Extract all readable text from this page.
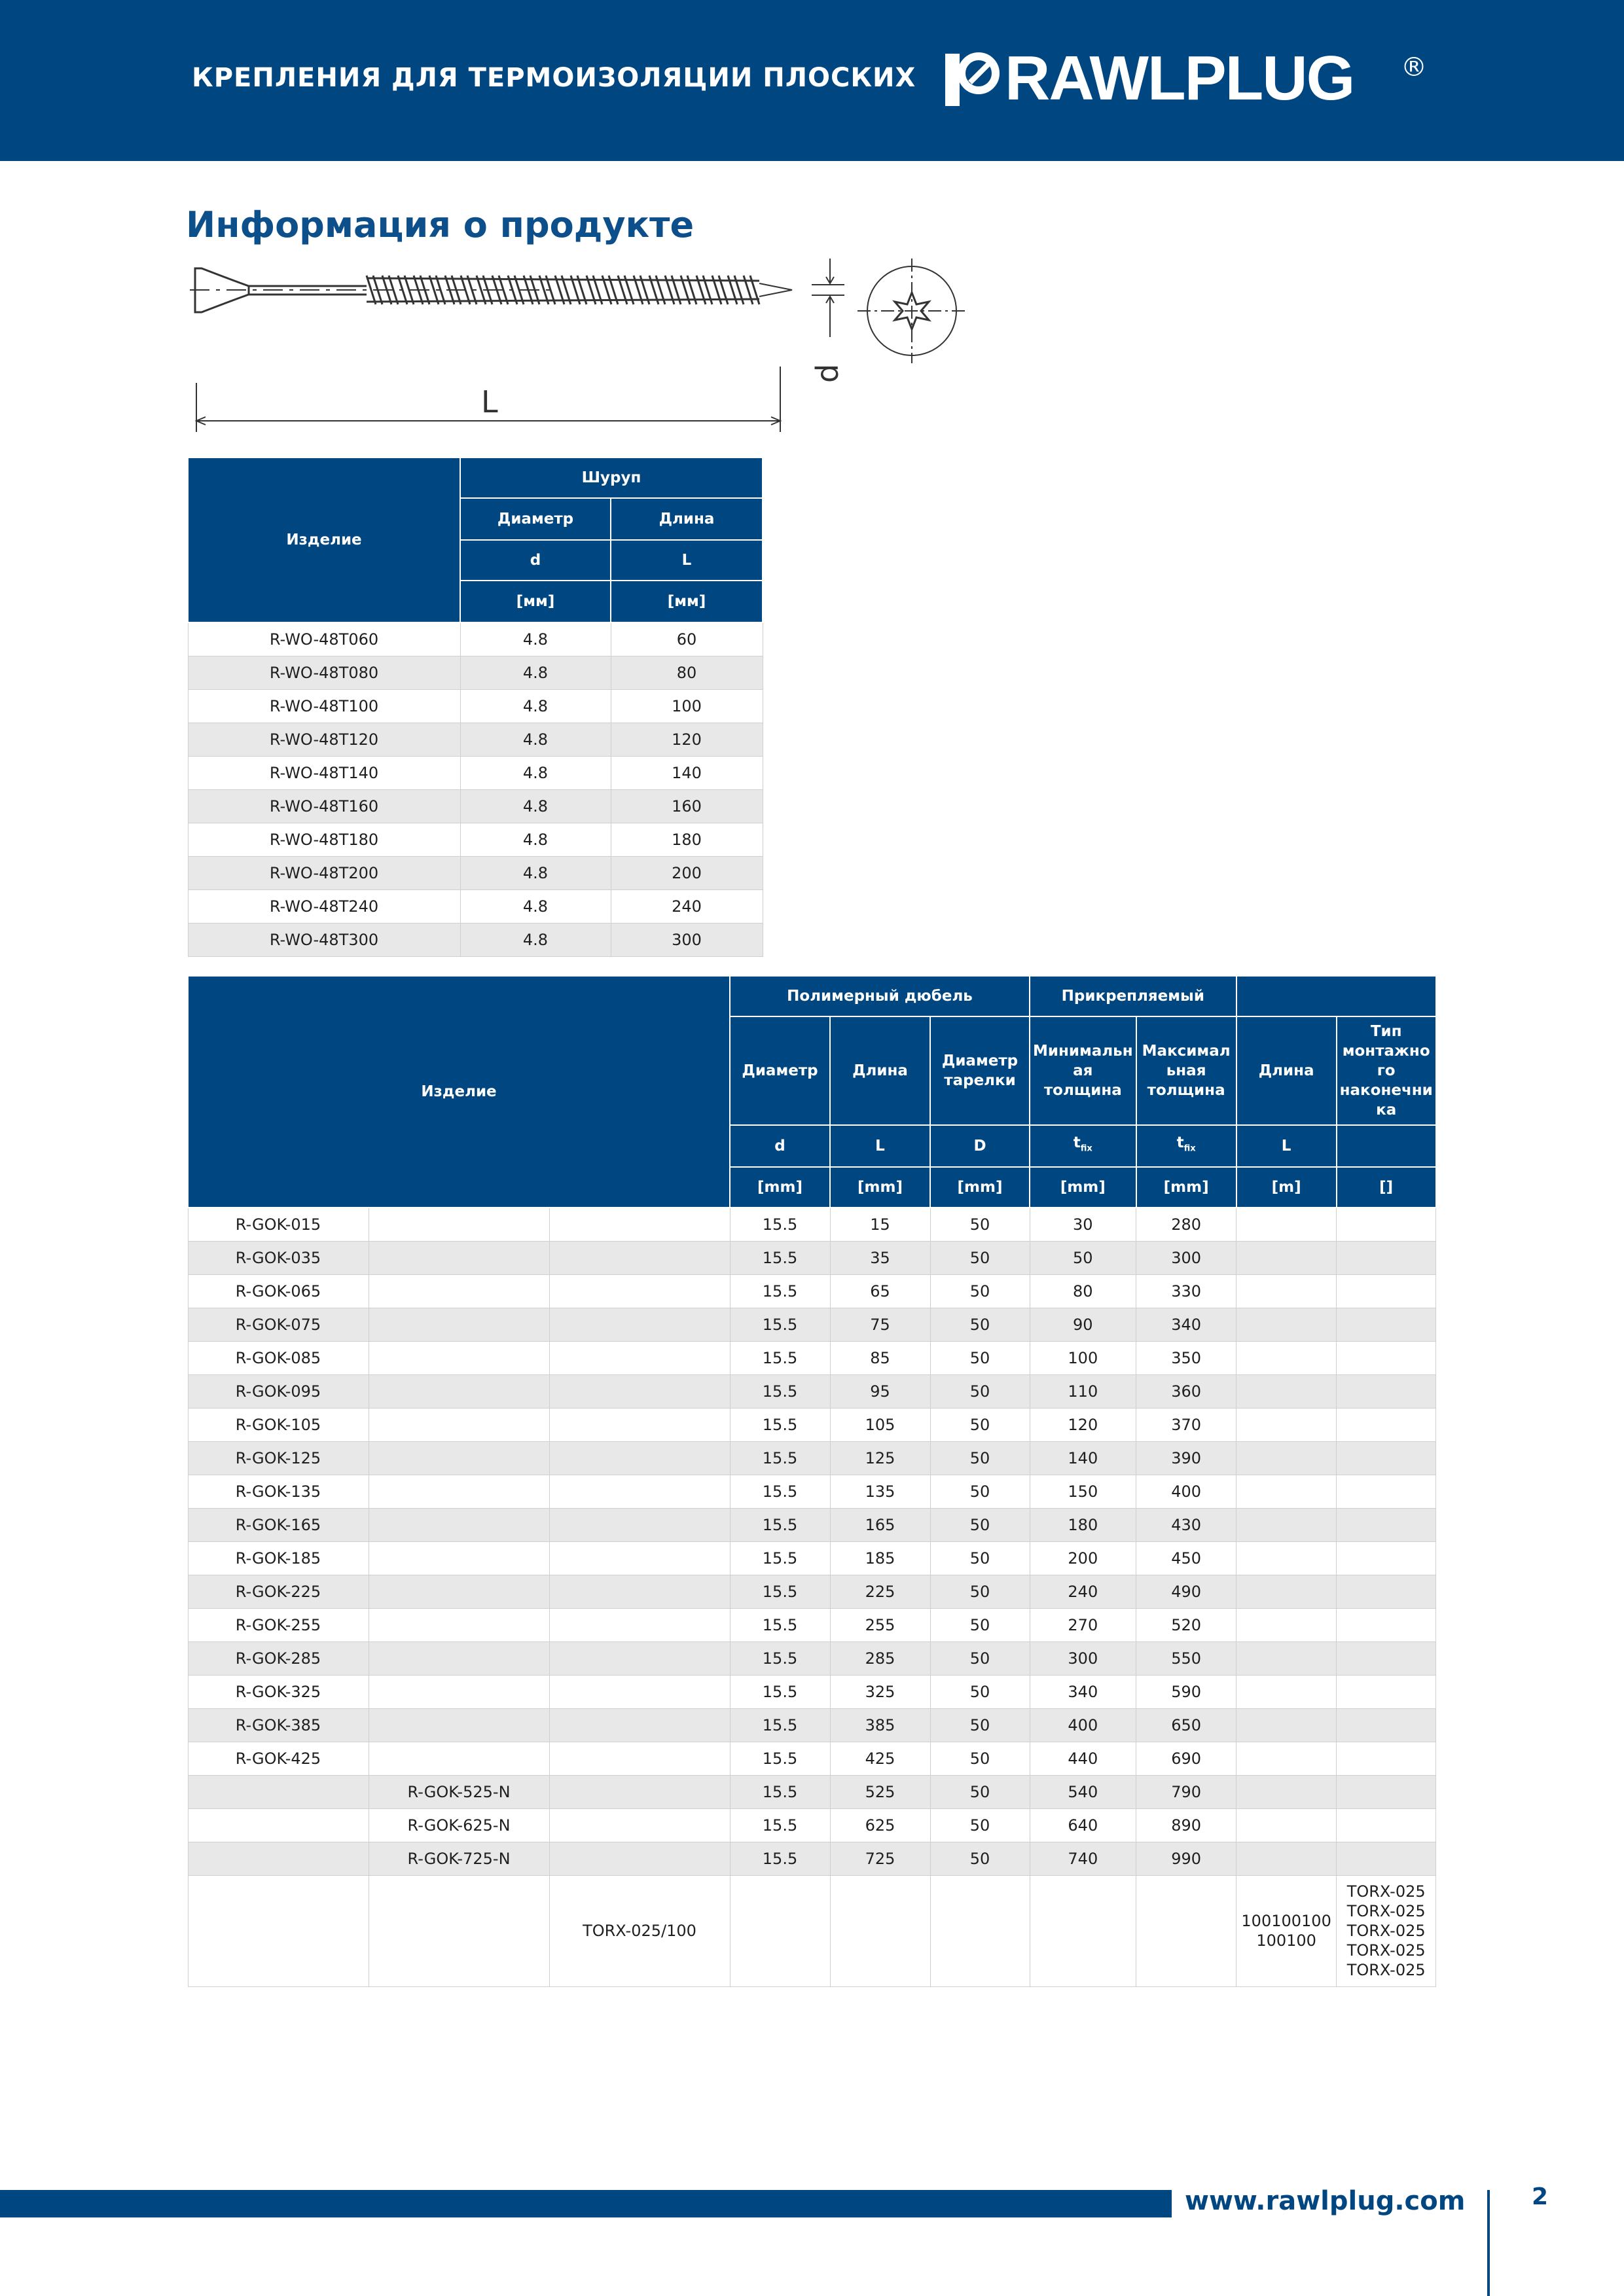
КРЕПЛЕНИЯ ДЛЯ ТЕРМОИЗОЛЯЦИИ ПЛОСКИХ RAWLPLUG ®
Информация о продукте
L
d
Изделие	Шуруп	
	Диаметр	Длина
	d	L
	[мм]	[мм]
R-WO-48T060	4.8	60
R-WO-48T080	4.8	80
R-WO-48T100	4.8	100
R-WO-48T120	4.8	120
R-WO-48T140	4.8	140
R-WO-48T160	4.8	160
R-WO-48T180	4.8	180
R-WO-48T200	4.8	200
R-WO-48T240	4.8	240
R-WO-48T300	4.8	300
Изделие			Полимерный дюбель			Прикрепляемый			
			Диаметр	Длина	Диаметр тарелки	Минимальн ая толщина	Максимал ьная толщина	Длина	Тип монтажно го наконечни ка
			d	L	D	$t_{fix}$	$t_{fix}$	L	
			[mm]	[mm]	[mm]	[mm]	[mm]	[m]	[]
R-GOK-015			15.5	15	50	30	280		
R-GOK-035			15.5	35	50	50	300		
R-GOK-065			15.5	65	50	80	330		
R-GOK-075			15.5	75	50	90	340		
R-GOK-085			15.5	85	50	100	350		
R-GOK-095			15.5	95	50	110	360		
R-GOK-105			15.5	105	50	120	370		
R-GOK-125			15.5	125	50	140	390		
R-GOK-135			15.5	135	50	150	400		
R-GOK-165			15.5	165	50	180	430		
R-GOK-185			15.5	185	50	200	450		
R-GOK-225			15.5	225	50	240	490		
R-GOK-255			15.5	255	50	270	520		
R-GOK-285			15.5	285	50	300	550		
R-GOK-325			15.5	325	50	340	590		
R-GOK-385			15.5	385	50	400	650		
R-GOK-425			15.5	425	50	440	690		
	R-GOK-525-N		15.5	525	50	540	790		
	R-GOK-625-N		15.5	625	50	640	890		
	R-GOK-725-N		15.5	725	50	740	990		
		TORX-025/100						100100100 100100	TORX-025 TORX-025 TORX-025 TORX-025 TORX-025
www.rawlplug.com	2
